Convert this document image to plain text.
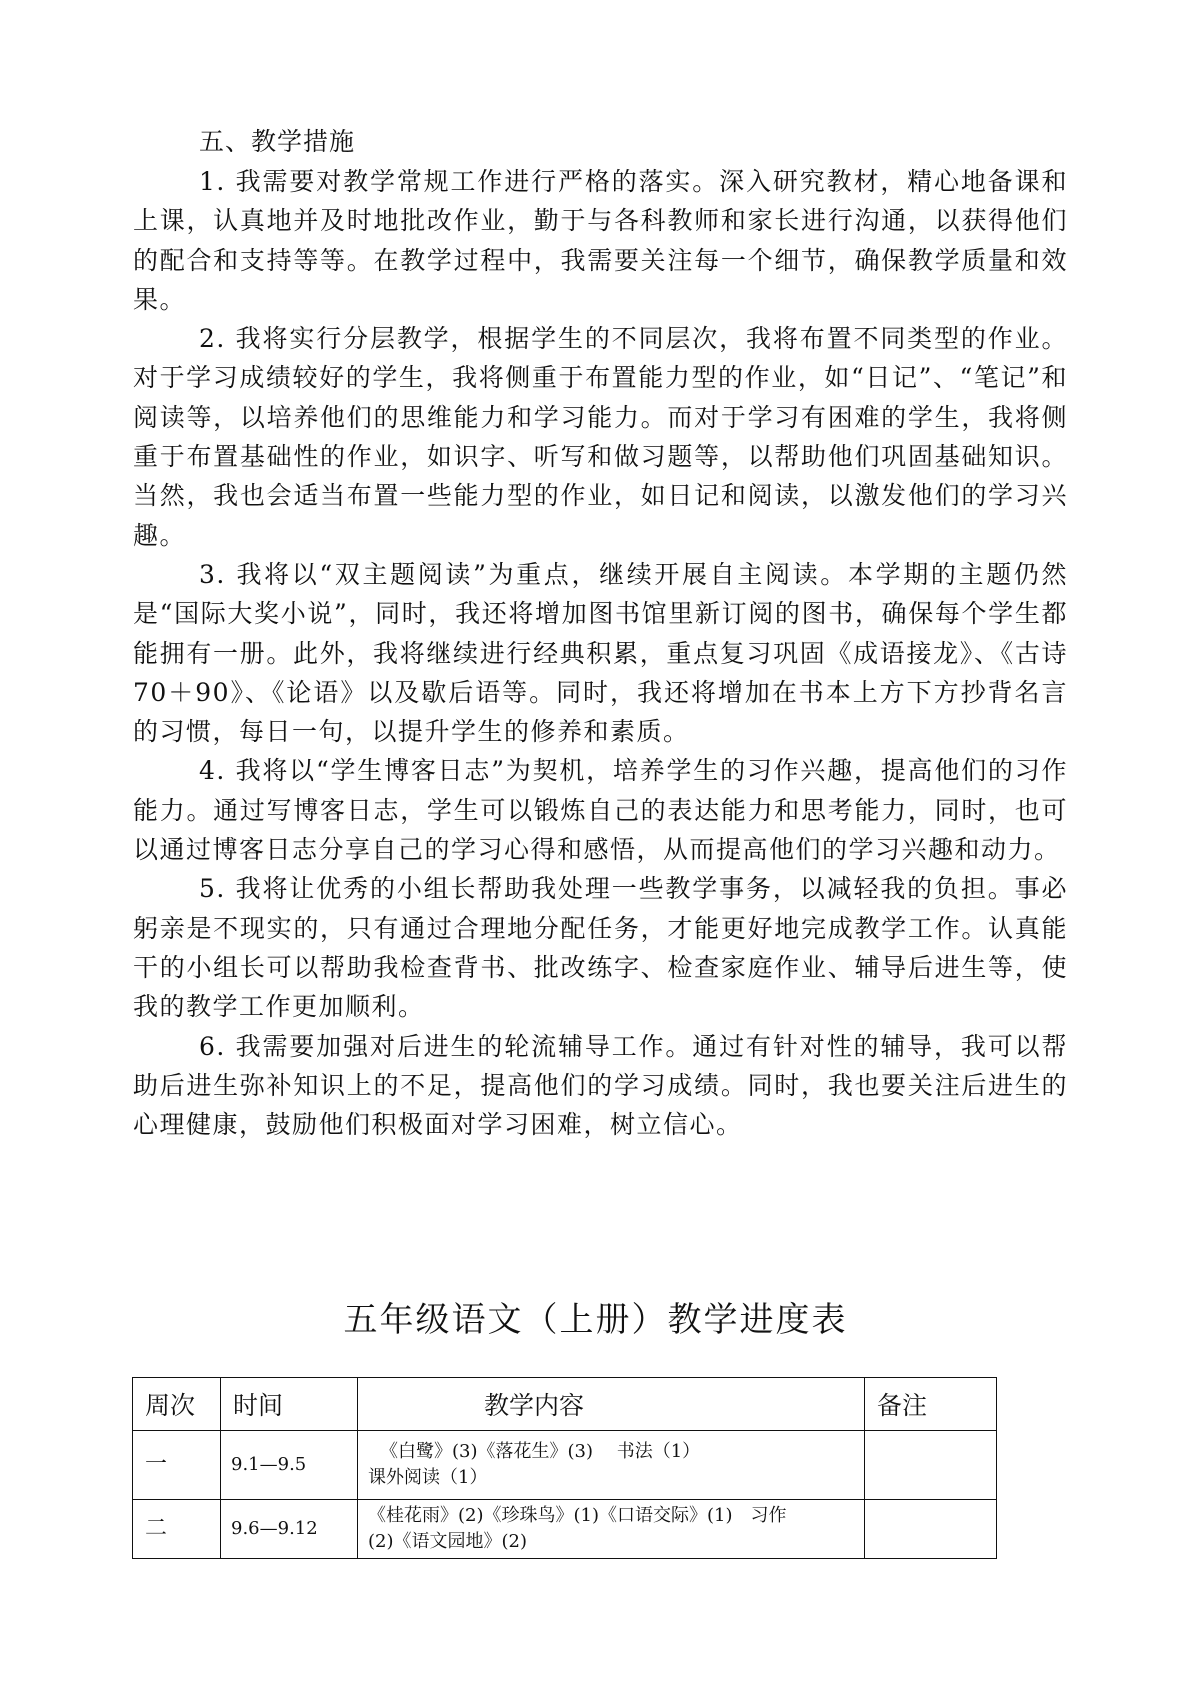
五、教学措施

1. 我需要对教学常规工作进行严格的落实。深入研究教材，精心地备课和上课，认真地并及时地批改作业，勤于与各科教师和家长进行沟通，以获得他们的配合和支持等等。在教学过程中，我需要关注每一个细节，确保教学质量和效果。

2. 我将实行分层教学，根据学生的不同层次，我将布置不同类型的作业。对于学习成绩较好的学生，我将侧重于布置能力型的作业，如“日记”、“笔记”和阅读等，以培养他们的思维能力和学习能力。而对于学习有困难的学生，我将侧重于布置基础性的作业，如识字、听写和做习题等，以帮助他们巩固基础知识。当然，我也会适当布置一些能力型的作业，如日记和阅读，以激发他们的学习兴趣。

3. 我将以“双主题阅读”为重点，继续开展自主阅读。本学期的主题仍然是“国际大奖小说”，同时，我还将增加图书馆里新订阅的图书，确保每个学生都能拥有一册。此外，我将继续进行经典积累，重点复习巩固《成语接龙》、《古诗 70＋90》、《论语》以及歇后语等。同时，我还将增加在书本上方下方抄背名言的习惯，每日一句，以提升学生的修养和素质。

4. 我将以“学生博客日志”为契机，培养学生的习作兴趣，提高他们的习作能力。通过写博客日志，学生可以锻炼自己的表达能力和思考能力，同时，也可以通过博客日志分享自己的学习心得和感悟，从而提高他们的学习兴趣和动力。

5. 我将让优秀的小组长帮助我处理一些教学事务，以减轻我的负担。事必躬亲是不现实的，只有通过合理地分配任务，才能更好地完成教学工作。认真能干的小组长可以帮助我检查背书、批改练字、检查家庭作业、辅导后进生等，使我的教学工作更加顺利。

6. 我需要加强对后进生的轮流辅导工作。通过有针对性的辅导，我可以帮助后进生弥补知识上的不足，提高他们的学习成绩。同时，我也要关注后进生的心理健康，鼓励他们积极面对学习困难，树立信心。

五年级语文（上册）教学进度表
周次	时间	教学内容	备注
一	9.1—9.5	《白鹭》(3)《落花生》(3)　 书法（1）
课外阅读（1）	

二	9.6—9.12	《桂花雨》(2)《珍珠鸟》(1)《口语交际》(1)　习作
(2)《语文园地》(2)	
